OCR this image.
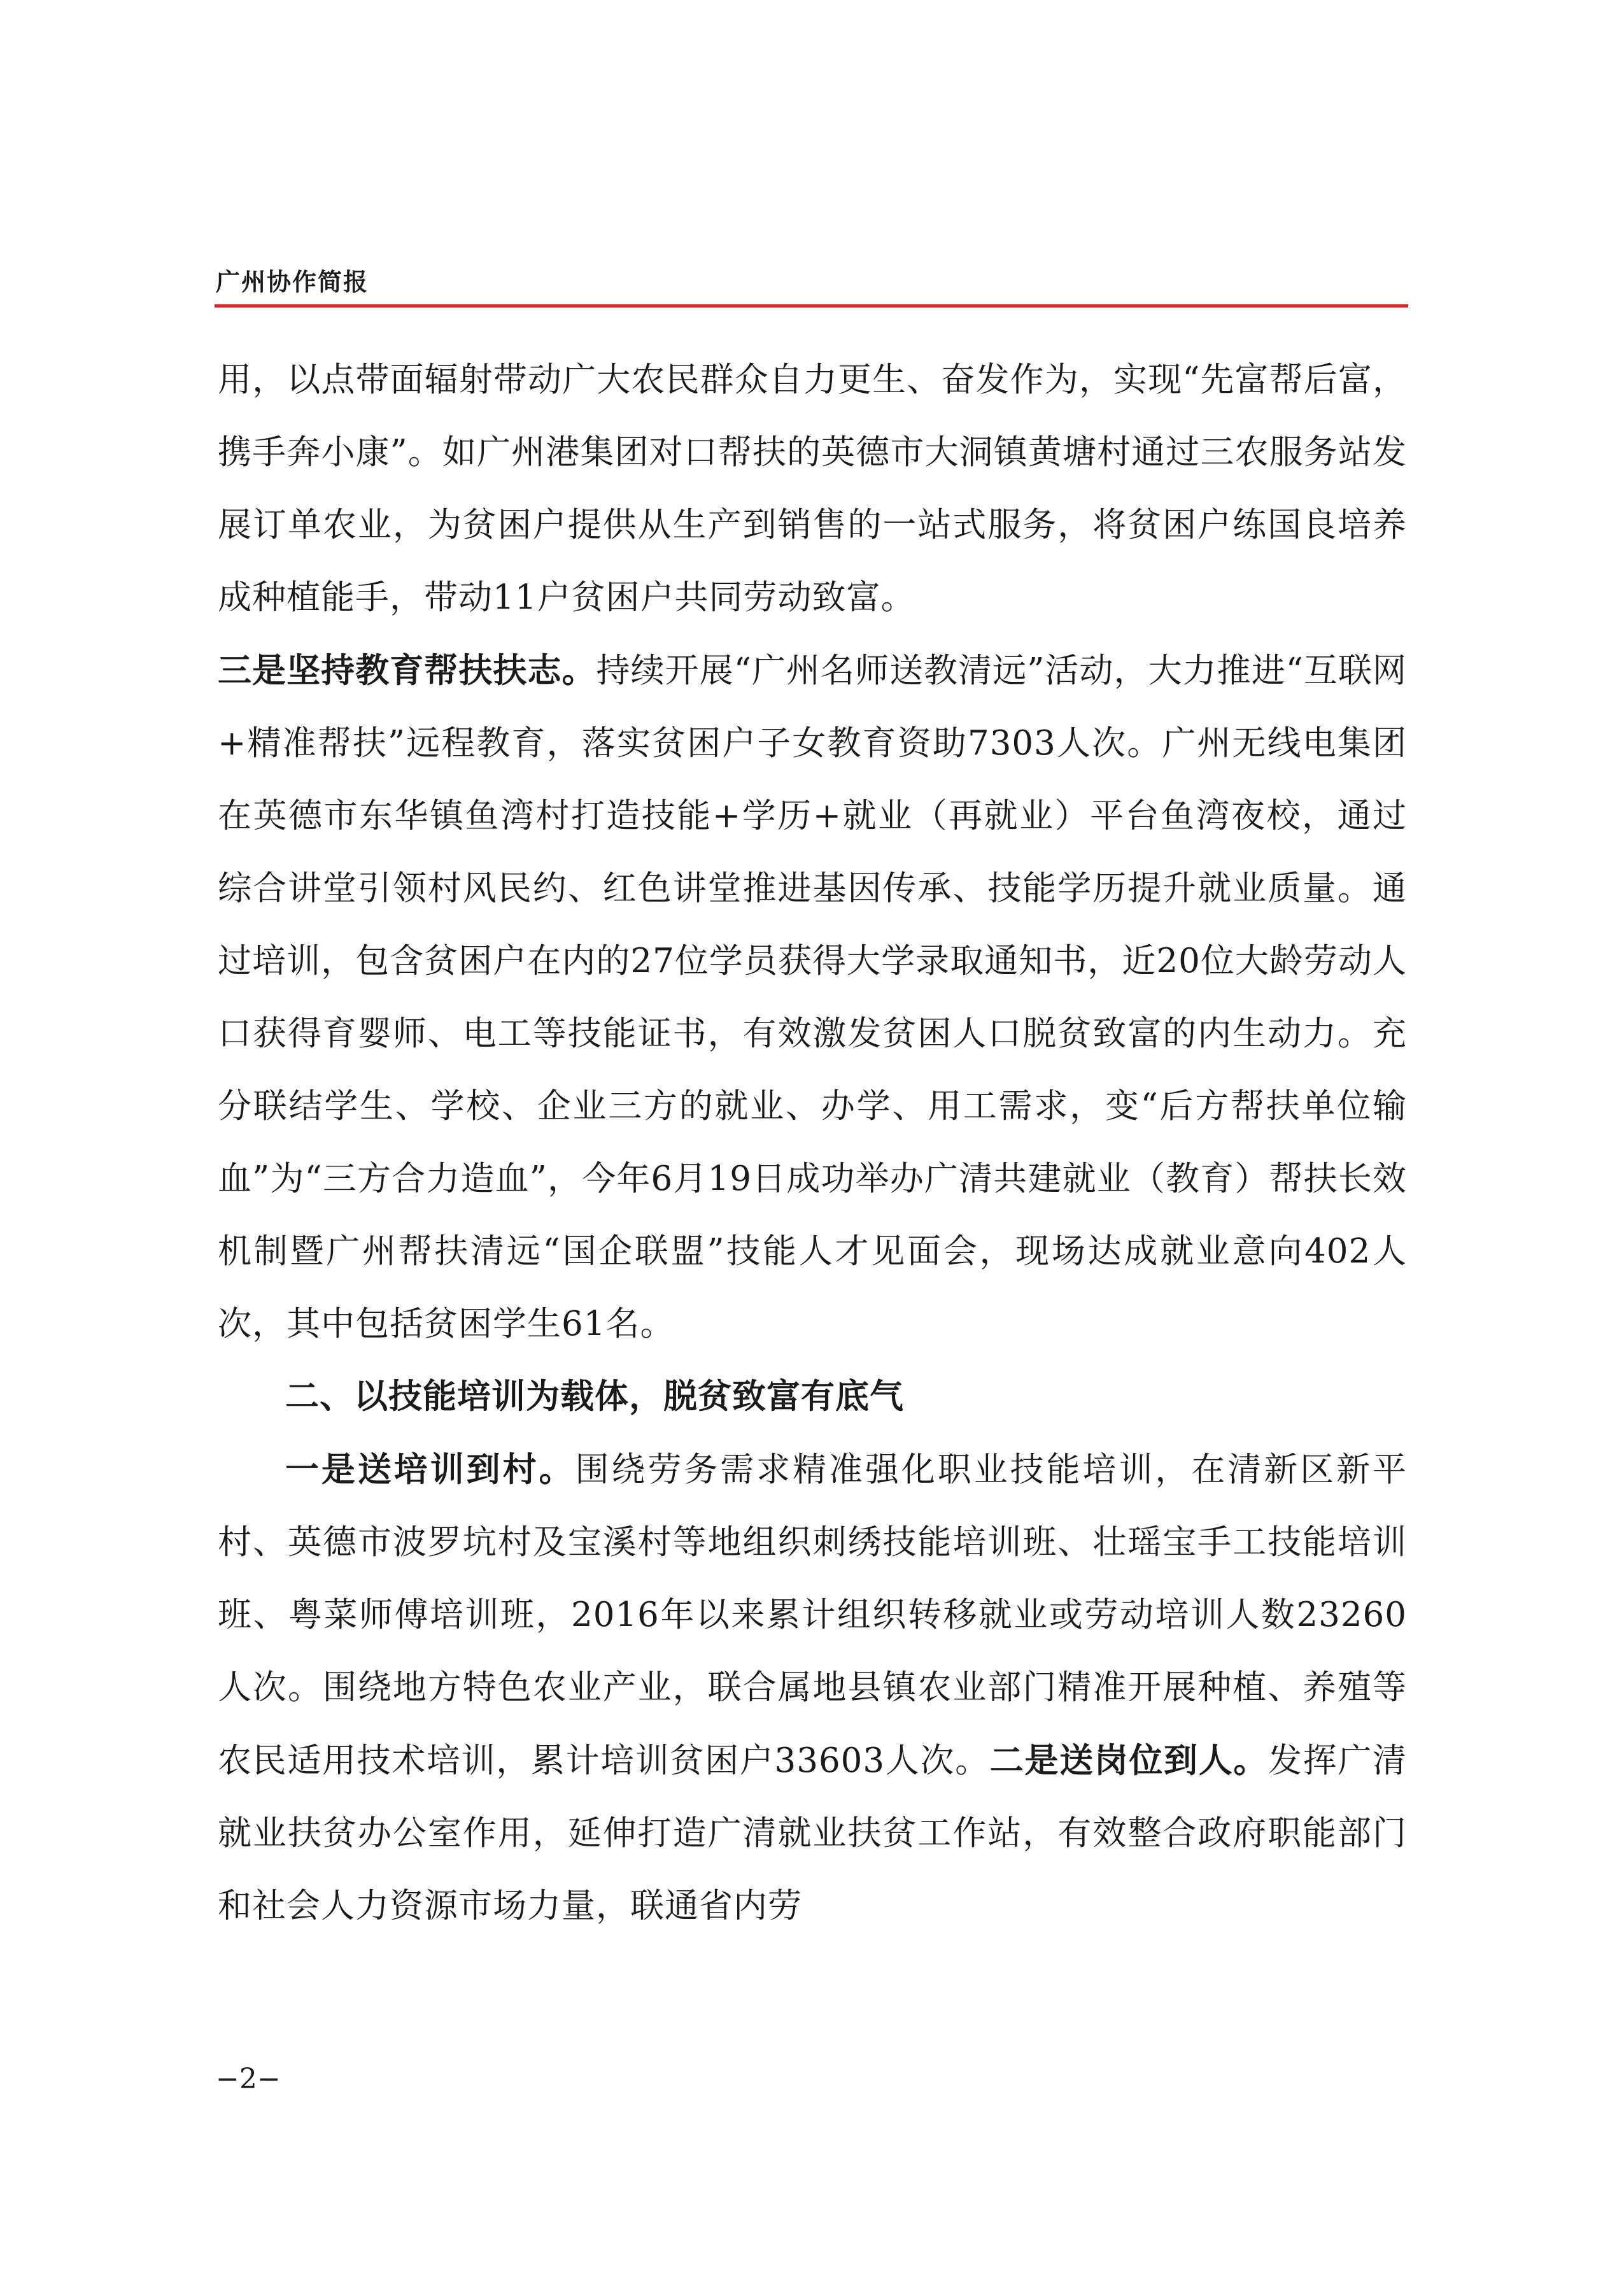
广州协作简报

用，以点带面辐射带动广大农民群众自力更生、奋发作为，实现“先富帮后富，携手奔小康”。如广州港集团对口帮扶的英德市大洞镇黄塘村通过三农服务站发展订单农业，为贫困户提供从生产到销售的一站式服务，将贫困户练国良培养成种植能手，带动11户贫困户共同劳动致富。

三是坚持教育帮扶扶志。持续开展“广州名师送教清远”活动，大力推进“互联网+精准帮扶”远程教育，落实贫困户子女教育资助7303人次。广州无线电集团在英德市东华镇鱼湾村打造技能+学历+就业（再就业）平台鱼湾夜校，通过综合讲堂引领村风民约、红色讲堂推进基因传承、技能学历提升就业质量。通过培训，包含贫困户在内的27位学员获得大学录取通知书，近20位大龄劳动人口获得育婴师、电工等技能证书，有效激发贫困人口脱贫致富的内生动力。充分联结学生、学校、企业三方的就业、办学、用工需求，变“后方帮扶单位输血”为“三方合力造血”，今年6月19日成功举办广清共建就业（教育）帮扶长效机制暨广州帮扶清远“国企联盟”技能人才见面会，现场达成就业意向402人次，其中包括贫困学生61名。

二、以技能培训为载体，脱贫致富有底气

一是送培训到村。围绕劳务需求精准强化职业技能培训，在清新区新平村、英德市波罗坑村及宝溪村等地组织刺绣技能培训班、壮瑶宝手工技能培训班、粤菜师傅培训班，2016年以来累计组织转移就业或劳动培训人数23260人次。围绕地方特色农业产业，联合属地县镇农业部门精准开展种植、养殖等农民适用技术培训，累计培训贫困户33603人次。二是送岗位到人。发挥广清就业扶贫办公室作用，延伸打造广清就业扶贫工作站，有效整合政府职能部门和社会人力资源市场力量，联通省内劳

−2−
